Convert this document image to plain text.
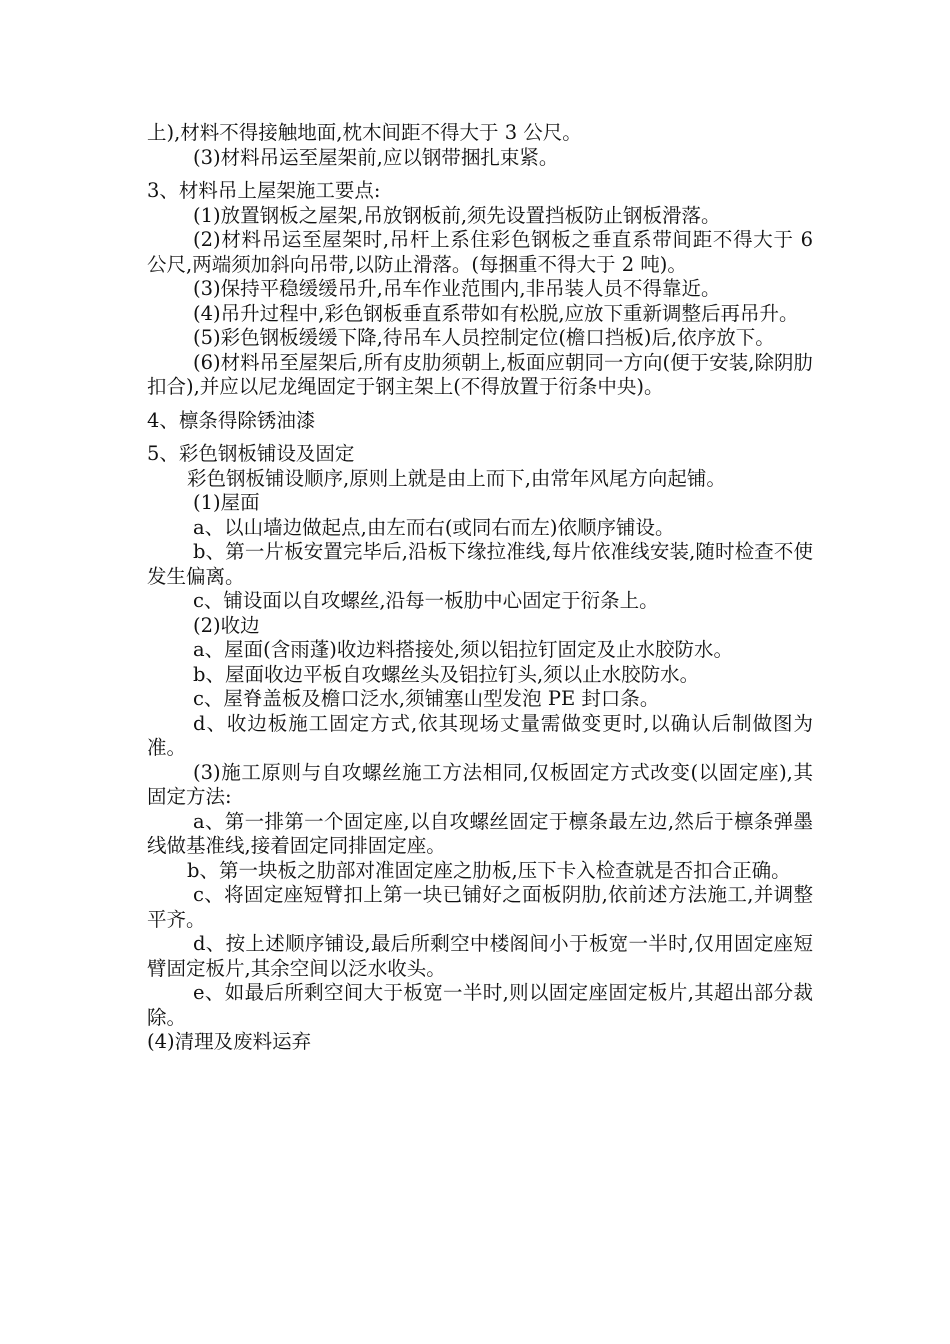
上),材料不得接触地面,枕木间距不得大于 3 公尺。

(3)材料吊运至屋架前,应以钢带捆扎束紧。

3、材料吊上屋架施工要点:

(1)放置钢板之屋架,吊放钢板前,须先设置挡板防止钢板滑落。

(2)材料吊运至屋架时,吊杆上系住彩色钢板之垂直系带间距不得大于 6 公尺,两端须加斜向吊带,以防止滑落。(每捆重不得大于 2 吨)。

(3)保持平稳缓缓吊升,吊车作业范围内,非吊装人员不得靠近。

(4)吊升过程中,彩色钢板垂直系带如有松脱,应放下重新调整后再吊升。

(5)彩色钢板缓缓下降,待吊车人员控制定位(檐口挡板)后,依序放下。

(6)材料吊至屋架后,所有皮肋须朝上,板面应朝同一方向(便于安装,除阴肋扣合),并应以尼龙绳固定于钢主架上(不得放置于衍条中央)。

4、檩条得除锈油漆

5、彩色钢板铺设及固定

彩色钢板铺设顺序,原则上就是由上而下,由常年风尾方向起铺。

(1)屋面

a、以山墙边做起点,由左而右(或同右而左)依顺序铺设。

b、第一片板安置完毕后,沿板下缘拉准线,每片依准线安装,随时检查不使发生偏离。

c、铺设面以自攻螺丝,沿每一板肋中心固定于衍条上。

(2)收边

a、屋面(含雨蓬)收边料搭接处,须以铝拉钉固定及止水胶防水。

b、屋面收边平板自攻螺丝头及铝拉钉头,须以止水胶防水。

c、屋脊盖板及檐口泛水,须铺塞山型发泡 PE 封口条。

d、收边板施工固定方式,依其现场丈量需做变更时,以确认后制做图为准。

(3)施工原则与自攻螺丝施工方法相同,仅板固定方式改变(以固定座),其固定方法:

a、第一排第一个固定座,以自攻螺丝固定于檩条最左边,然后于檩条弹墨线做基准线,接着固定同排固定座。

b、第一块板之肋部对准固定座之肋板,压下卡入检查就是否扣合正确。

c、将固定座短臂扣上第一块已铺好之面板阴肋,依前述方法施工,并调整平齐。

d、按上述顺序铺设,最后所剩空中楼阁间小于板宽一半时,仅用固定座短臂固定板片,其余空间以泛水收头。

e、如最后所剩空间大于板宽一半时,则以固定座固定板片,其超出部分裁除。

(4)清理及废料运弃
